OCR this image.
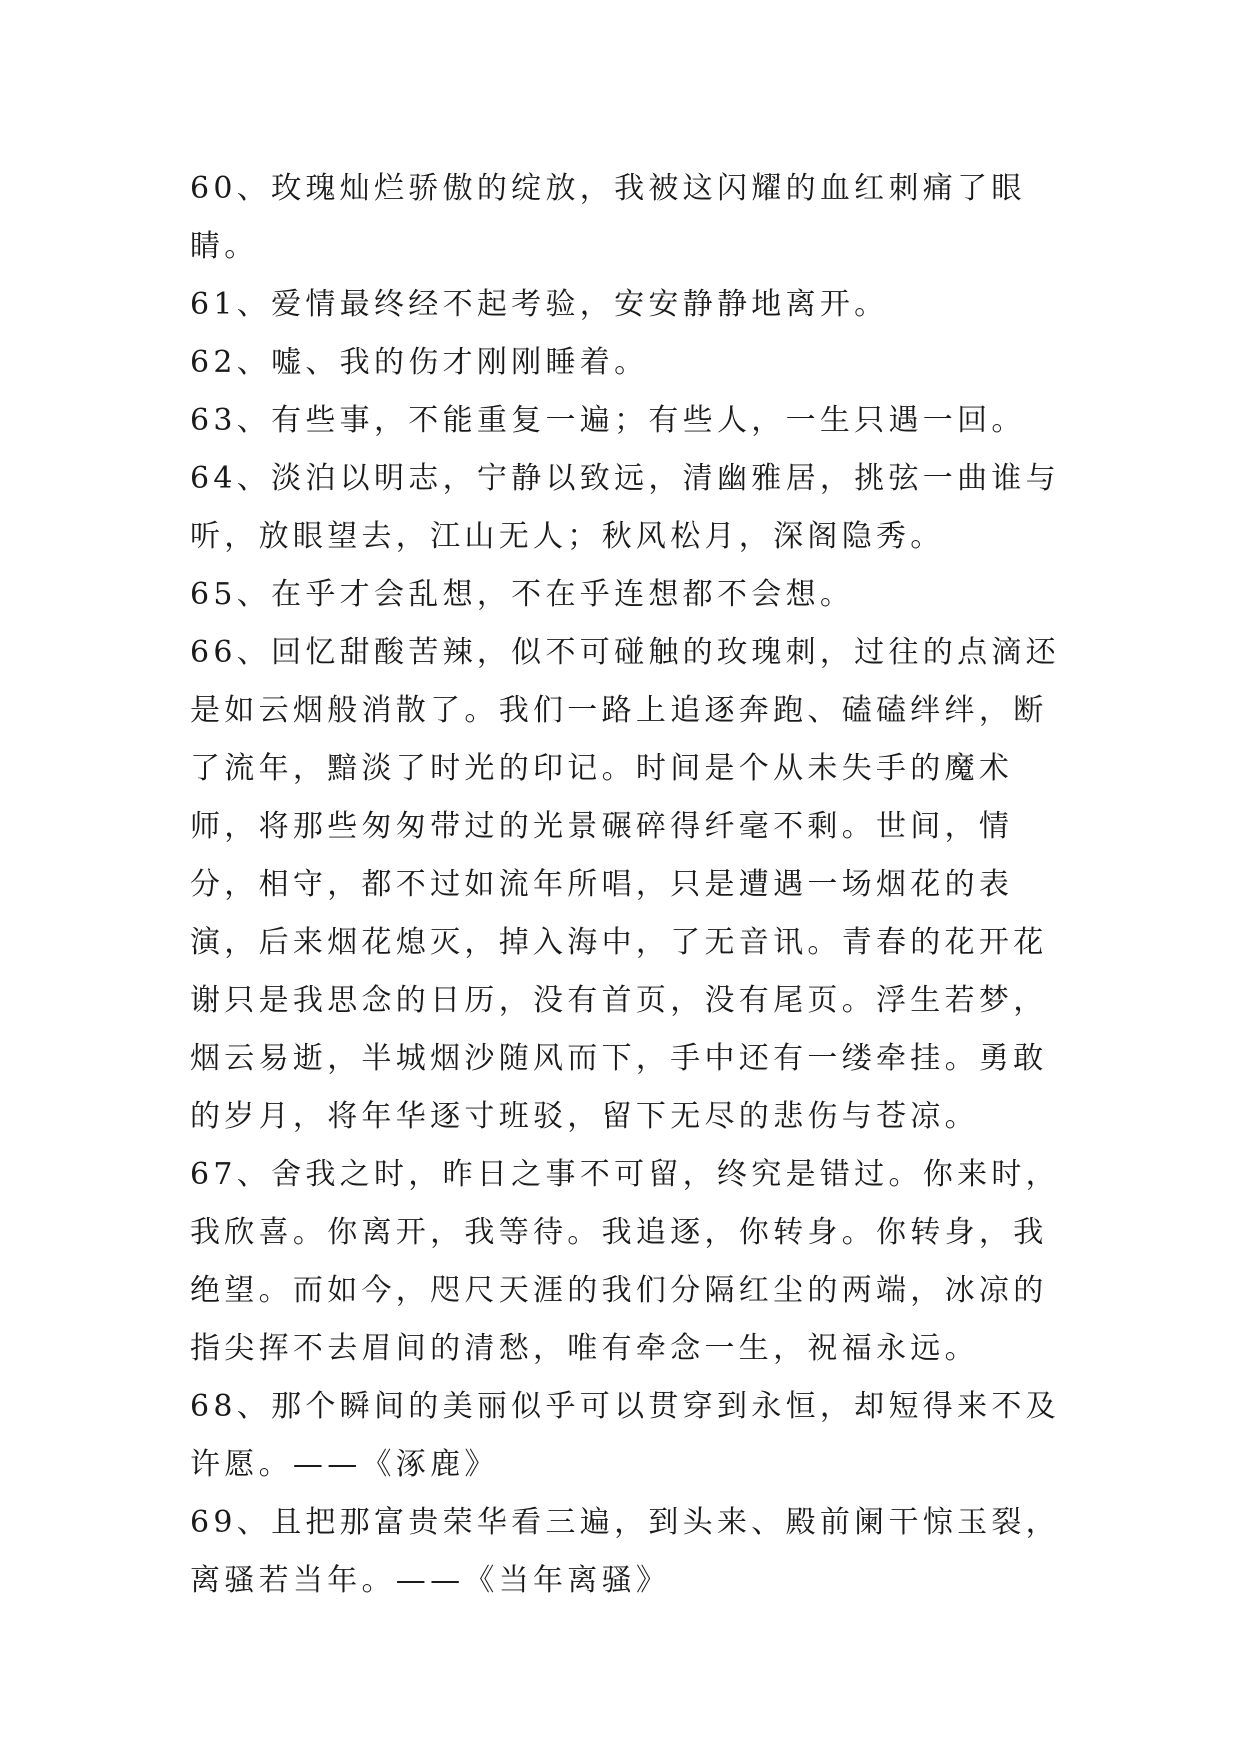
60、玫瑰灿烂骄傲的绽放，我被这闪耀的血红刺痛了眼睛。

61、爱情最终经不起考验，安安静静地离开。

62、嘘、我的伤才刚刚睡着。

63、有些事，不能重复一遍；有些人，一生只遇一回。

64、淡泊以明志，宁静以致远，清幽雅居，挑弦一曲谁与听，放眼望去，江山无人；秋风松月，深阁隐秀。

65、在乎才会乱想，不在乎连想都不会想。

66、回忆甜酸苦辣，似不可碰触的玫瑰刺，过往的点滴还是如云烟般消散了。我们一路上追逐奔跑、磕磕绊绊，断了流年，黯淡了时光的印记。时间是个从未失手的魔术师，将那些匆匆带过的光景碾碎得纤毫不剩。世间，情分，相守，都不过如流年所唱，只是遭遇一场烟花的表演，后来烟花熄灭，掉入海中，了无音讯。青春的花开花谢只是我思念的日历，没有首页，没有尾页。浮生若梦，烟云易逝，半城烟沙随风而下，手中还有一缕牵挂。勇敢的岁月，将年华逐寸班驳，留下无尽的悲伤与苍凉。

67、舍我之时，昨日之事不可留，终究是错过。你来时，我欣喜。你离开，我等待。我追逐，你转身。你转身，我绝望。而如今，咫尺天涯的我们分隔红尘的两端，冰凉的指尖挥不去眉间的清愁，唯有牵念一生，祝福永远。

68、那个瞬间的美丽似乎可以贯穿到永恒，却短得来不及许愿。——《涿鹿》

69、且把那富贵荣华看三遍，到头来、殿前阑干惊玉裂，离骚若当年。——《当年离骚》
